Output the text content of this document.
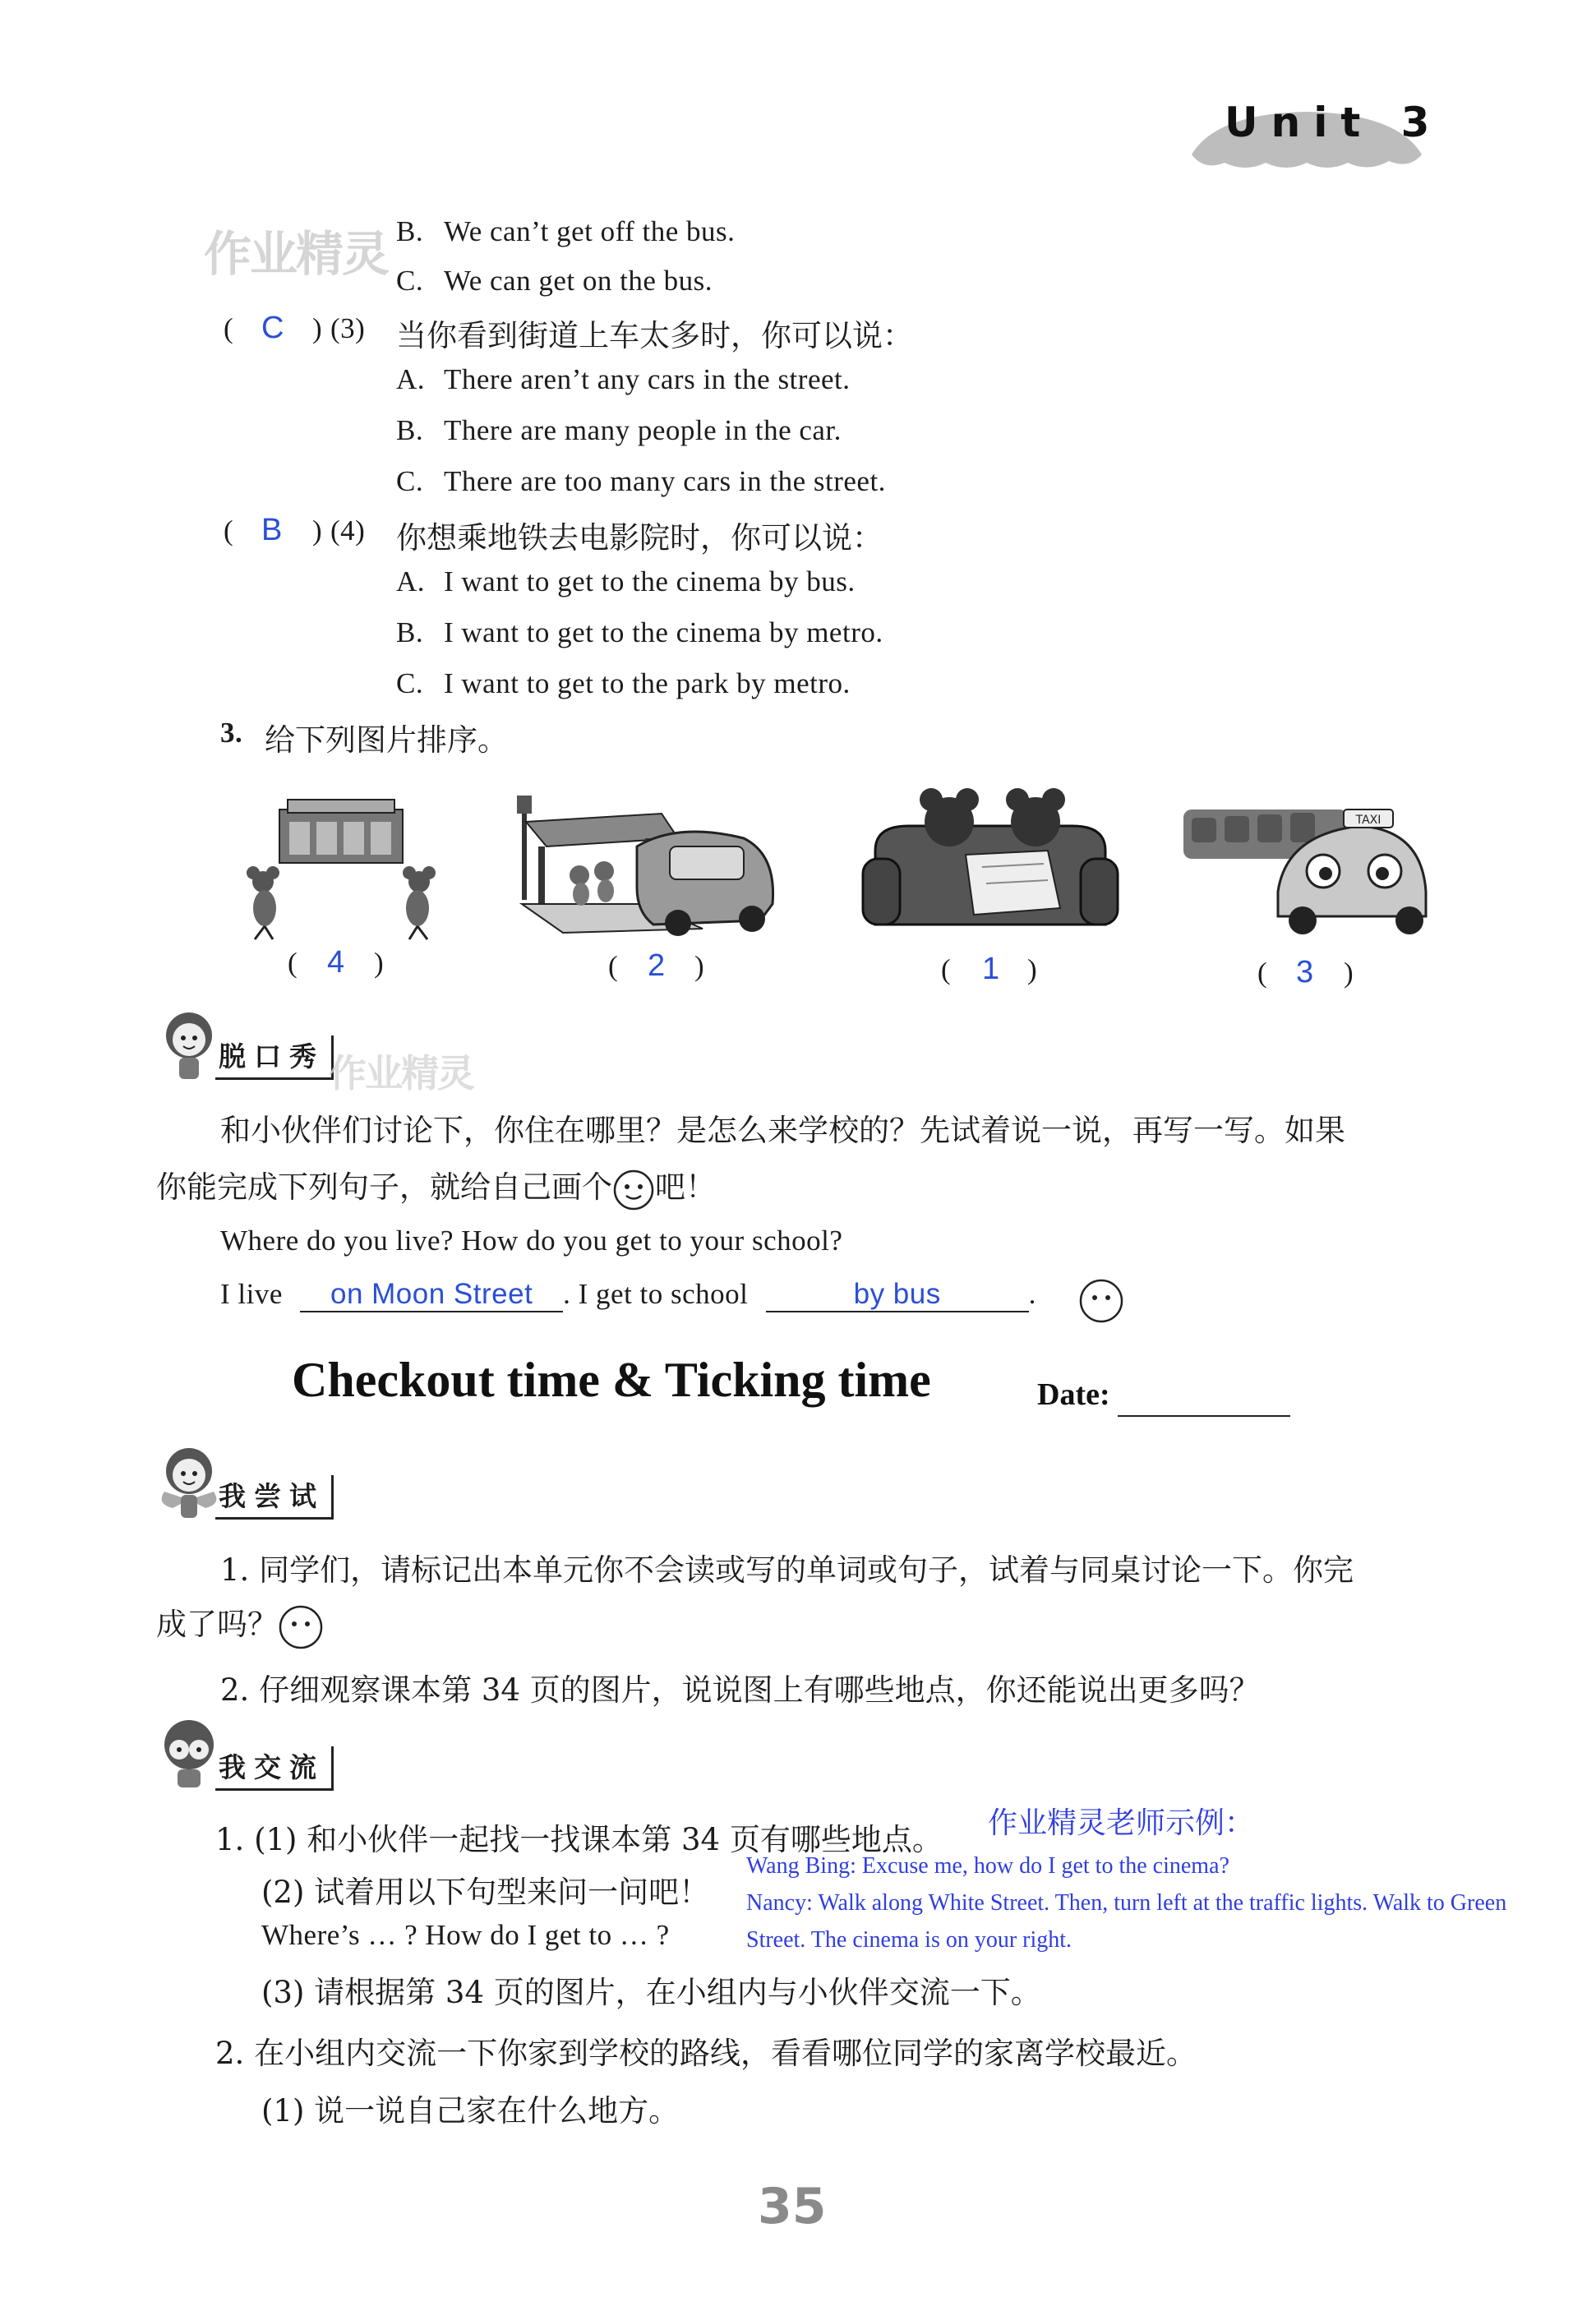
Unit 3
作业精灵 B. We can’t get off the bus.
C. We can get on the bus.
( C ) (3) 当你看到街道上车太多时，你可以说：
A. There aren’t any cars in the street.
B. There are many people in the car.
C. There are too many cars in the street.
( B ) (4) 你想乘地铁去电影院时，你可以说：
A. I want to get to the cinema by bus.
B. I want to get to the cinema by metro.
C. I want to get to the park by metro.
3. 给下列图片排序。
TAXI
( 4 )	( 2 )	( 1 )	( 3 )
脱口秀 作业精灵
和小伙伴们讨论下，你住在哪里？是怎么来学校的？先试着说一说，再写一写。如果
你能完成下列句子，就给自己画个 吧！
Where do you live? How do you get to your school?
I live on Moon Street . I get to school	by bus	.
Checkout time & Ticking time	Date:
我尝试
1. 同学们，请标记出本单元你不会读或写的单词或句子，试着与同桌讨论一下。你完
成了吗？
2. 仔细观察课本第 34 页的图片，说说图上有哪些地点，你还能说出更多吗？
我交流
1. (1) 和小伙伴一起找一找课本第 34 页有哪些地点。 作业精灵老师示例：
(2) 试着用以下句型来问一问吧！
Where’s … ? How do I get to … ?
(3) 请根据第 34 页的图片，在小组内与小伙伴交流一下。
Wang Bing: Excuse me, how do I get to the cinema?
Nancy: Walk along White Street. Then, turn left at the traffic lights. Walk to Green
Street. The cinema is on your right.
2. 在小组内交流一下你家到学校的路线，看看哪位同学的家离学校最近。
(1) 说一说自己家在什么地方。
35
